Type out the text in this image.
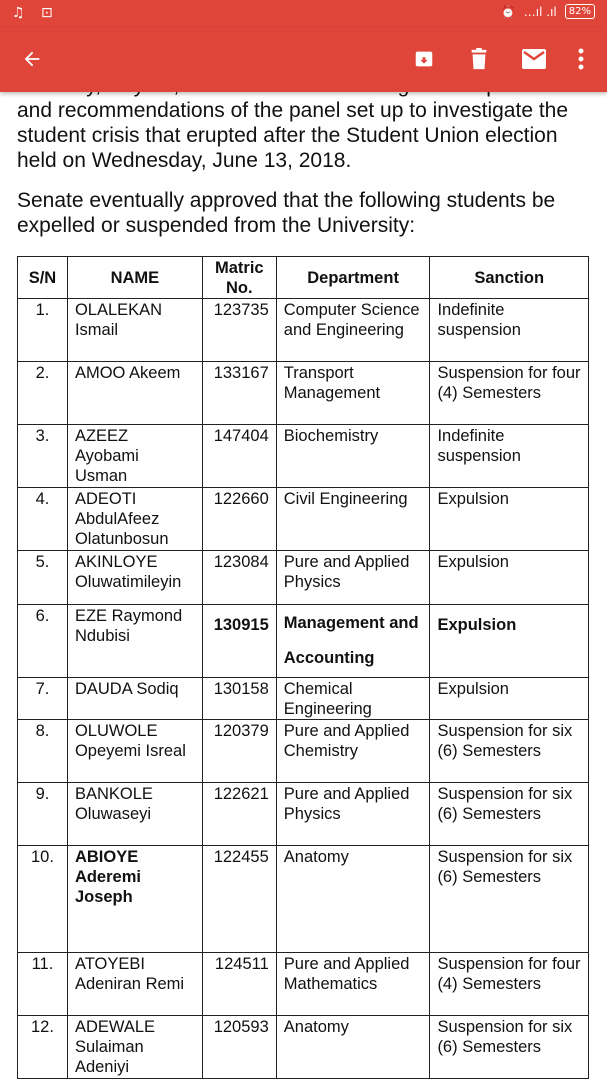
♫ ⊡	⏰ …ıl .ıl	82%

and recommendations of the panel set up to investigate the student crisis that erupted after the Student Union election held on Wednesday, June 13, 2018.

Senate eventually approved that the following students be expelled or suspended from the University:

S/N	NAME	Matric No.	Department	Sanction
1.	OLALEKAN Ismail	123735	Computer Science and Engineering	Indefinite suspension
2.	AMOO Akeem	133167	Transport Management	Suspension for four (4) Semesters
3.	AZEEZ Ayobami Usman	147404	Biochemistry	Indefinite suspension
4.	ADEOTI AbdulAfeez Olatunbosun	122660	Civil Engineering	Expulsion
5.	AKINLOYE Oluwatimileyin	123084	Pure and Applied Physics	Expulsion
6.	EZE Raymond Ndubisi	130915	Management and Accounting	Expulsion
7.	DAUDA Sodiq	130158	Chemical Engineering	Expulsion
8.	OLUWOLE Opeyemi Isreal	120379	Pure and Applied Chemistry	Suspension for six (6) Semesters
9.	BANKOLE Oluwaseyi	122621	Pure and Applied Physics	Suspension for six (6) Semesters
10.	ABIOYE Aderemi Joseph	122455	Anatomy	Suspension for six (6) Semesters
11.	ATOYEBI Adeniran Remi	124511	Pure and Applied Mathematics	Suspension for four (4) Semesters
12.	ADEWALE Sulaiman Adeniyi	120593	Anatomy	Suspension for six (6) Semesters
